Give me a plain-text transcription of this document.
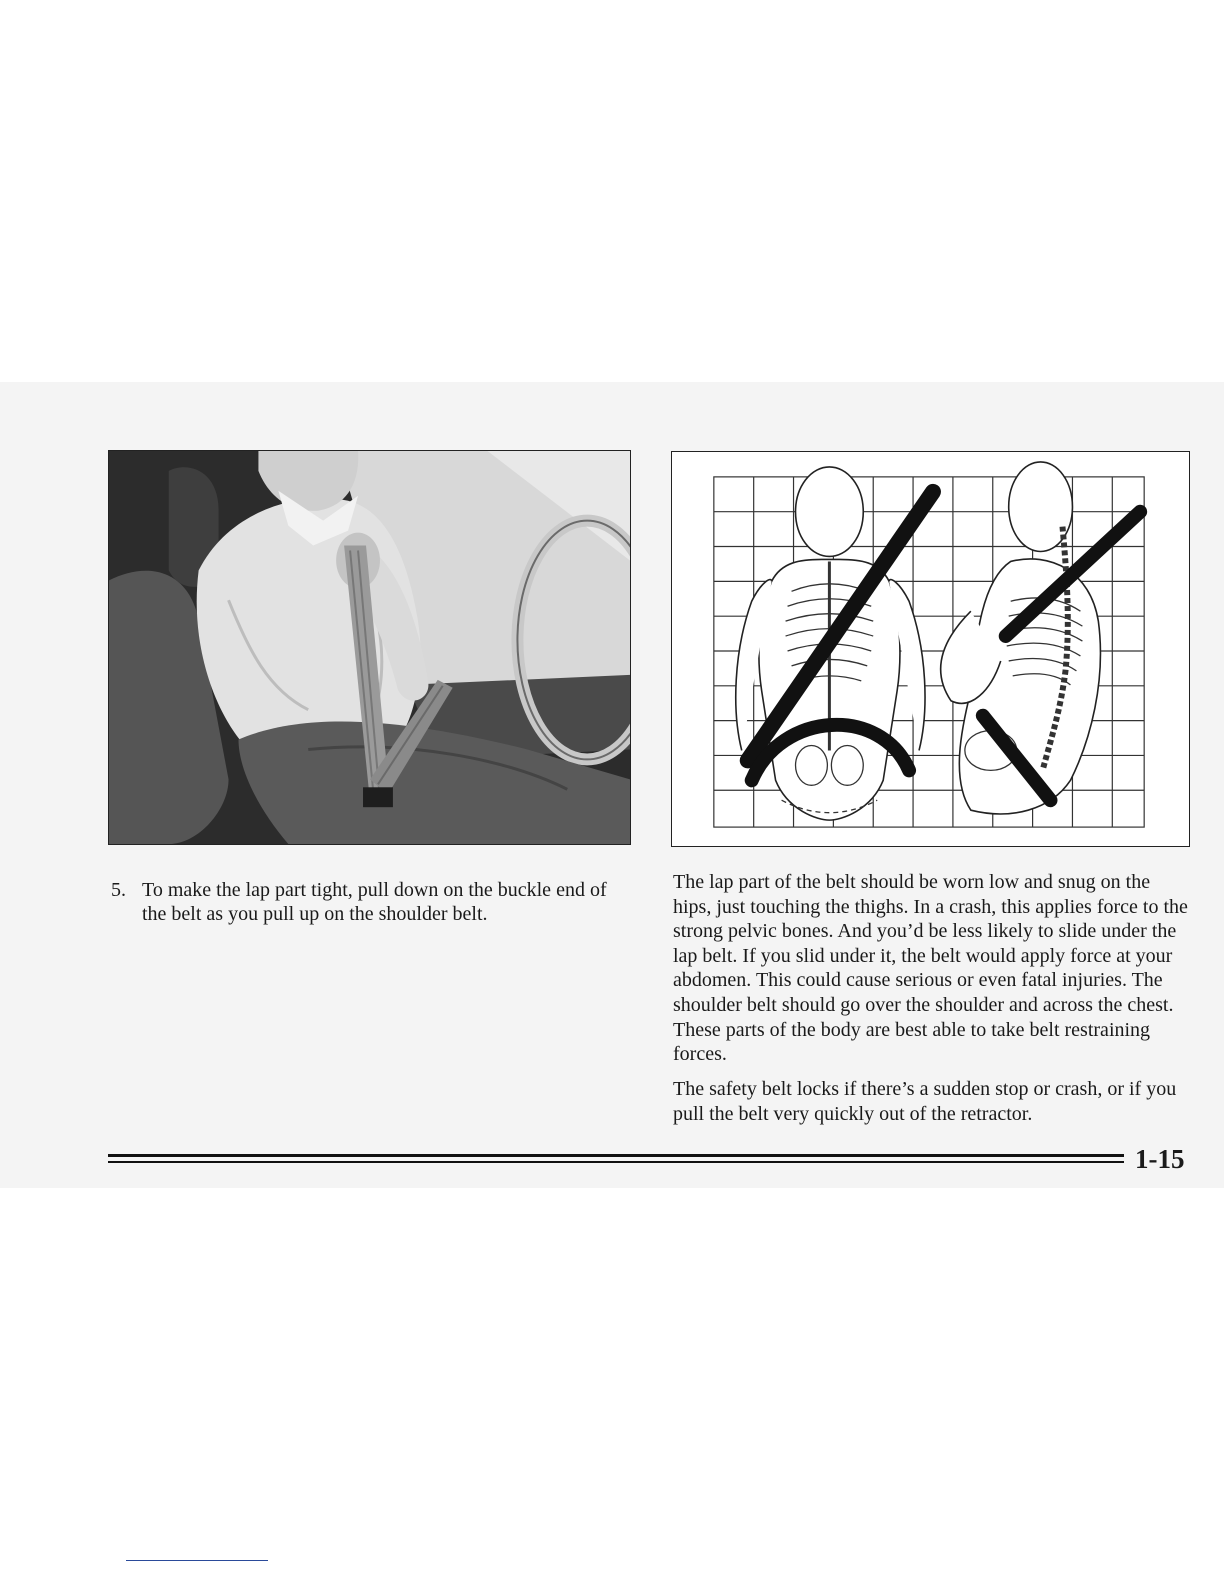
5. To make the lap part tight, pull down on the buckle end of the belt as you pull up on the shoulder belt.

The lap part of the belt should be worn low and snug on the hips, just touching the thighs. In a crash, this applies force to the strong pelvic bones. And you’d be less likely to slide under the lap belt. If you slid under it, the belt would apply force at your abdomen. This could cause serious or even fatal injuries. The shoulder belt should go over the shoulder and across the chest. These parts of the body are best able to take belt restraining forces.

The safety belt locks if there’s a sudden stop or crash, or if you pull the belt very quickly out of the retractor.

1-15
